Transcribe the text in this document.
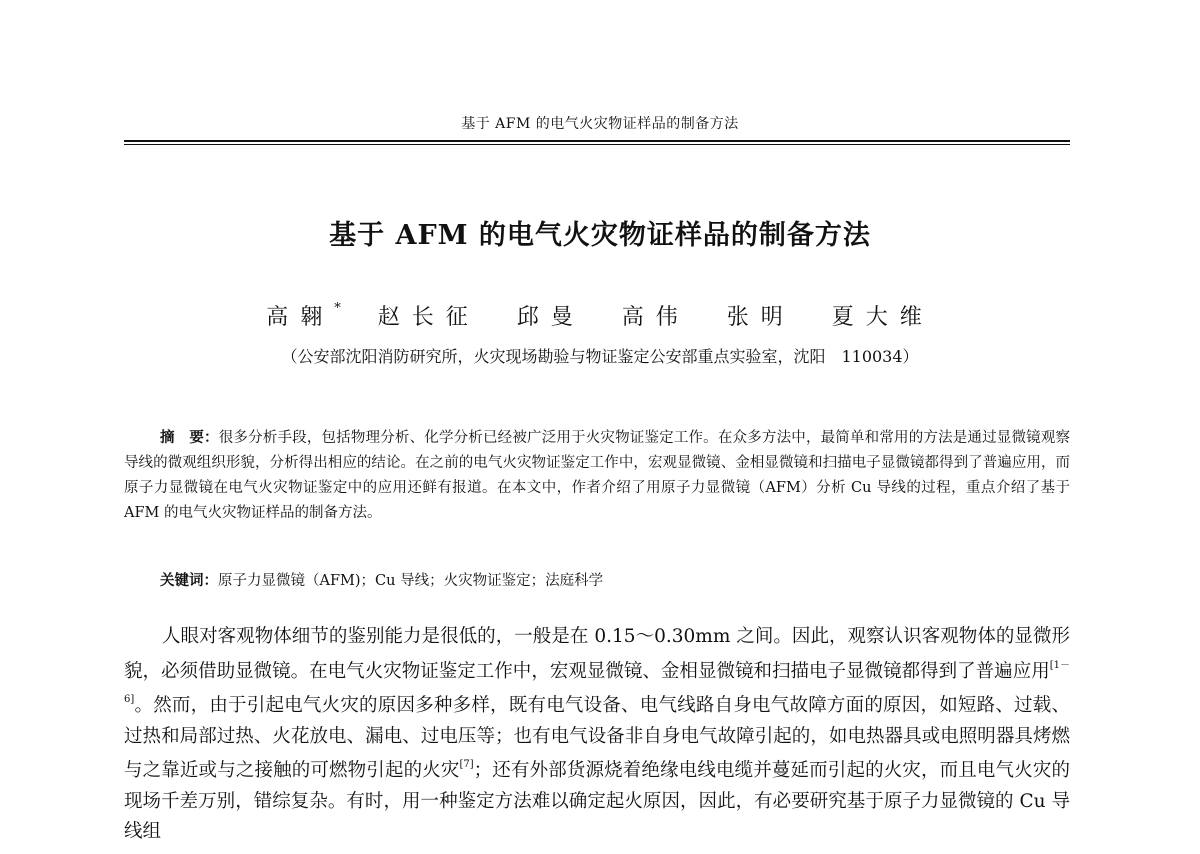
基于 AFM 的电气火灾物证样品的制备方法
基于 AFM 的电气火灾物证样品的制备方法
高翱* 赵长征 邱曼 高伟 张明 夏大维
（公安部沈阳消防研究所，火灾现场勘验与物证鉴定公安部重点实验室，沈阳　110034）
摘　要：很多分析手段，包括物理分析、化学分析已经被广泛用于火灾物证鉴定工作。在众多方法中，最简单和常用的方法是通过显微镜观察导线的微观组织形貌，分析得出相应的结论。在之前的电气火灾物证鉴定工作中，宏观显微镜、金相显微镜和扫描电子显微镜都得到了普遍应用，而原子力显微镜在电气火灾物证鉴定中的应用还鲜有报道。在本文中，作者介绍了用原子力显微镜（AFM）分析 Cu 导线的过程，重点介绍了基于 AFM 的电气火灾物证样品的制备方法。
关键词：原子力显微镜（AFM)；Cu 导线；火灾物证鉴定；法庭科学
人眼对客观物体细节的鉴别能力是很低的，一般是在 0.15～0.30mm 之间。因此，观察认识客观物体的显微形貌，必须借助显微镜。在电气火灾物证鉴定工作中，宏观显微镜、金相显微镜和扫描电子显微镜都得到了普遍应用[1－6]。然而，由于引起电气火灾的原因多种多样，既有电气设备、电气线路自身电气故障方面的原因，如短路、过载、过热和局部过热、火花放电、漏电、过电压等；也有电气设备非自身电气故障引起的，如电热器具或电照明器具烤燃与之靠近或与之接触的可燃物引起的火灾[7]；还有外部货源烧着绝缘电线电缆并蔓延而引起的火灾，而且电气火灾的现场千差万别，错综复杂。有时，用一种鉴定方法难以确定起火原因，因此，有必要研究基于原子力显微镜的 Cu 导线组
